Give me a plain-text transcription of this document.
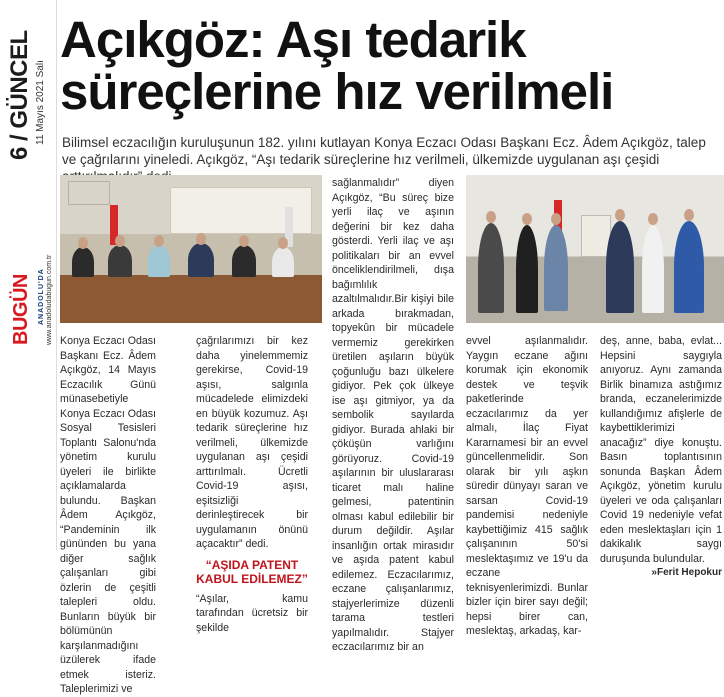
6 / GÜNCEL 11 Mayıs 2021 Salı
ANADOLU'DA
BUGÜN www.anadoludabugun.com.tr
Açıkgöz: Aşı tedarik süreçlerine hız verilmeli

Bilimsel eczacılığın kuruluşunun 182. yılını kutlayan Konya Eczacı Odası Başkanı Ecz. Âdem Açıkgöz, talep ve çağrılarını yineledi. Açıkgöz, “Aşı tedarik süreçlerine hız verilmeli, ülkemizde uygulanan aşı çeşidi

Konya Eczacı Odası Başkanı Ecz. Âdem Açıkgöz, 14 Mayıs Eczacılık Günü münasebetiyle Konya Eczacı Odası Sosyal Tesisleri Toplantı Salonu'nda yönetim kurulu üyeleri ile birlikte açıklamalarda bulundu. Başkan Âdem Açıkgöz, “Pandeminin ilk gününden bu yana diğer sağlık çalışanları gibi özlerin de çeşitli talepleri oldu. Bunların büyük bir bölümünün karşılanmadığını üzülerek ifade etmek isteriz. Taleplerimizi ve

çağrılarımızı bir kez daha yinelemmemiz gerekirse, Covid-19 aşısı, salgınla mücadelede elimizdeki en büyük kozumuz. Aşı tedarik süreçlerine hız verilmeli, ülkemizde uygulanan aşı çeşidi arttırılmalı. Ücretli Covid-19 aşısı, eşitsizliği derinleştirecek bir uygulamanın önünü açacaktır” dedi.

“AŞIDA PATENT KABUL EDİLEMEZ”

“Aşılar, kamu tarafından ücretsiz bir şekilde

sağlanmalıdır” diyen Açıkgöz, “Bu süreç bize yerli ilaç ve aşının değerini bir kez daha gösterdi. Yerli ilaç ve aşı politikaları bir an evvel önceliklendirilmeli, dışa bağımlılık azaltılmalıdır.Bir kişiyi bile arkada bırakmadan, topyekûn bir mücadele vermemiz gerekirken üretilen aşıların büyük çoğunluğu bazı ülkelere gidiyor. Pek çok ülkeye ise aşı gitmiyor, ya da sembolik sayılarda gidiyor. Burada ahlaki bir çöküşün varlığını görüyoruz. Covid-19 aşılarının bir uluslararası ticaret malı haline gelmesi, patentinin olması kabul edilebilir bir durum değildir. Aşılar insanlığın ortak mirasıdır ve aşıda patent kabul edilemez. Eczacılarımız, eczane çalışanlarımız, stajyerlerimize düzenli tarama testleri yapılmalıdır. Stajyer eczacılarımız bir an

evvel aşılanmalıdır. Yaygın eczane ağını korumak için ekonomik destek ve teşvik paketlerinde eczacılarımız da yer almalı, İlaç Fiyat Kararnamesi bir an evvel güncellenmelidir. Son olarak bir yılı aşkın süredir dünyayı saran ve sarsan Covid-19 pandemisi nedeniyle kaybettiğimiz 415 sağlık çalışanının 50'si meslektaşımız ve 19'u da eczane teknisyenlerimizdi. Bunlar bizler için birer sayı değil; hepsi birer can, meslektaş, arkadaş, kar-

deş, anne, baba, evlat... Hepsini saygıyla anıyoruz. Aynı zamanda Birlik binamıza astığımız branda, eczanelerimizde kullandığımız afişlerle de kaybettiklerimizi anacağız” diye konuştu. Basın toplantısının sonunda Başkan Âdem Açıkgöz, yönetim kurulu üyeleri ve oda çalışanları Covid 19 nedeniyle vefat eden meslektaşları için 1 dakikalık saygı duruşunda bulundular.

»Ferit Hepokur
